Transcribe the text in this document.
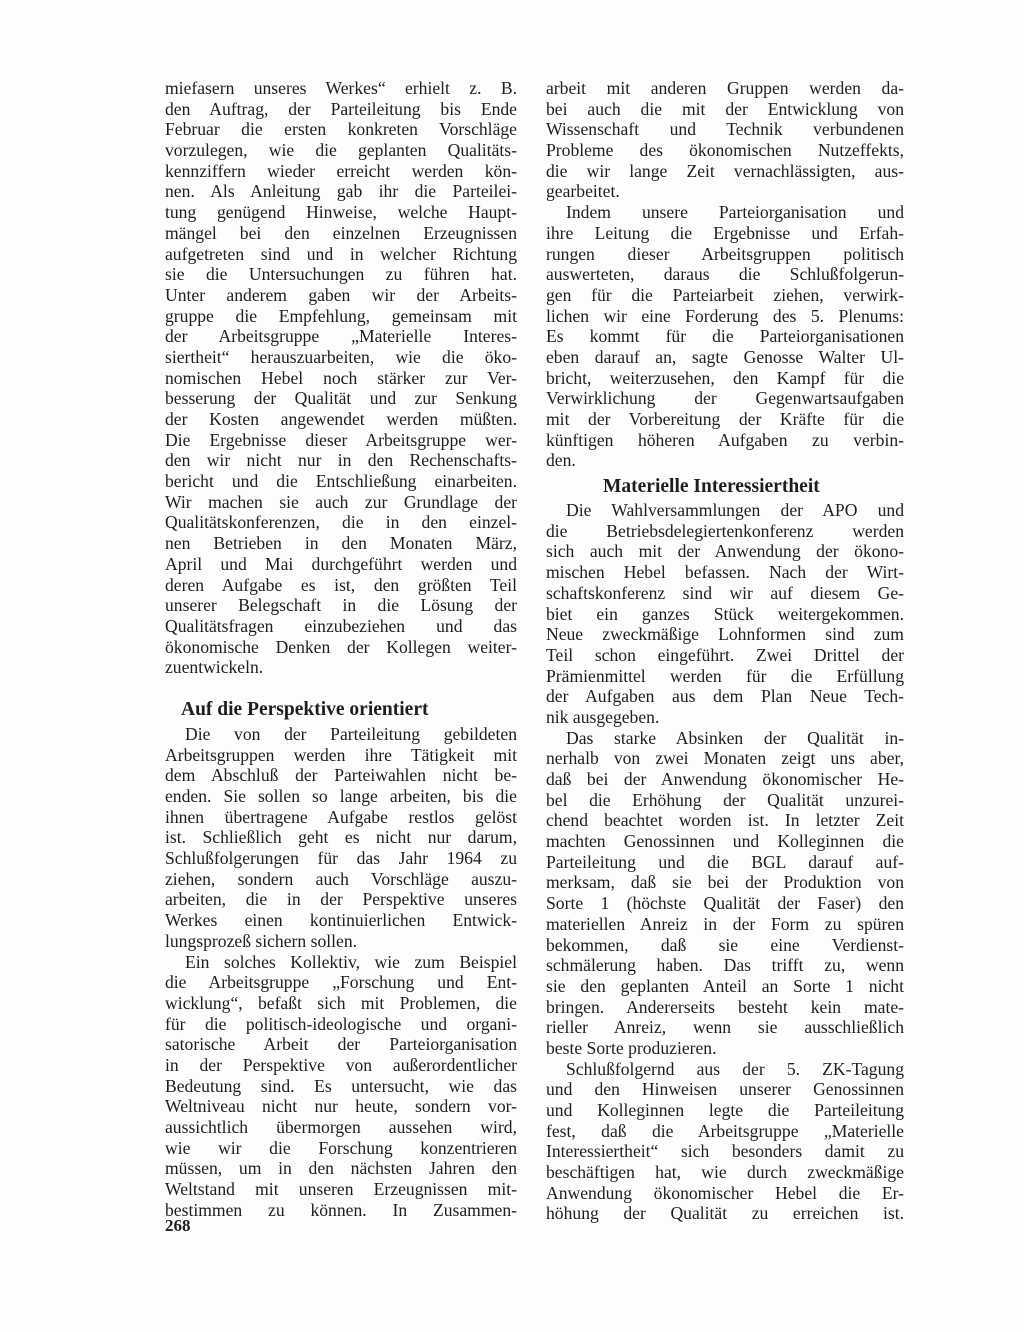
miefasern unseres Werkes“ erhielt z. B.
den Auftrag, der Parteileitung bis Ende
Februar die ersten konkreten Vorschläge
vorzulegen, wie die geplanten Qualitäts-
kennziffern wieder erreicht werden kön-
nen. Als Anleitung gab ihr die Parteilei-
tung genügend Hinweise, welche Haupt-
mängel bei den einzelnen Erzeugnissen
aufgetreten sind und in welcher Richtung
sie die Untersuchungen zu führen hat.
Unter anderem gaben wir der Arbeits-
gruppe die Empfehlung, gemeinsam mit
der Arbeitsgruppe „Materielle Interes-
siertheit“ herauszuarbeiten, wie die öko-
nomischen Hebel noch stärker zur Ver-
besserung der Qualität und zur Senkung
der Kosten angewendet werden müßten.
Die Ergebnisse dieser Arbeitsgruppe wer-
den wir nicht nur in den Rechenschafts-
bericht und die Entschließung einarbeiten.
Wir machen sie auch zur Grundlage der
Qualitätskonferenzen, die in den einzel-
nen Betrieben in den Monaten März,
April und Mai durchgeführt werden und
deren Aufgabe es ist, den größten Teil
unserer Belegschaft in die Lösung der
Qualitätsfragen einzubeziehen und das
ökonomische Denken der Kollegen weiter-
zuentwickeln.
Auf die Perspektive orientiert
Die von der Parteileitung gebildeten
Arbeitsgruppen werden ihre Tätigkeit mit
dem Abschluß der Parteiwahlen nicht be-
enden. Sie sollen so lange arbeiten, bis die
ihnen übertragene Aufgabe restlos gelöst
ist. Schließlich geht es nicht nur darum,
Schlußfolgerungen für das Jahr 1964 zu
ziehen, sondern auch Vorschläge auszu-
arbeiten, die in der Perspektive unseres
Werkes einen kontinuierlichen Entwick-
lungsprozeß sichern sollen.
Ein solches Kollektiv, wie zum Beispiel
die Arbeitsgruppe „Forschung und Ent-
wicklung“, befaßt sich mit Problemen, die
für die politisch-ideologische und organi-
satorische Arbeit der Parteiorganisation
in der Perspektive von außerordentlicher
Bedeutung sind. Es untersucht, wie das
Weltniveau nicht nur heute, sondern vor-
aussichtlich übermorgen aussehen wird,
wie wir die Forschung konzentrieren
müssen, um in den nächsten Jahren den
Weltstand mit unseren Erzeugnissen mit-
bestimmen zu können. In Zusammen-
arbeit mit anderen Gruppen werden da-
bei auch die mit der Entwicklung von
Wissenschaft und Technik verbundenen
Probleme des ökonomischen Nutzeffekts,
die wir lange Zeit vernachlässigten, aus-
gearbeitet.
Indem unsere Parteiorganisation und
ihre Leitung die Ergebnisse und Erfah-
rungen dieser Arbeitsgruppen politisch
auswerteten, daraus die Schlußfolgerun-
gen für die Parteiarbeit ziehen, verwirk-
lichen wir eine Forderung des 5. Plenums:
Es kommt für die Parteiorganisationen
eben darauf an, sagte Genosse Walter Ul-
bricht, weiterzusehen, den Kampf für die
Verwirklichung der Gegenwartsaufgaben
mit der Vorbereitung der Kräfte für die
künftigen höheren Aufgaben zu verbin-
den.
Materielle Interessiertheit
Die Wahlversammlungen der APO und
die Betriebsdelegiertenkonferenz werden
sich auch mit der Anwendung der ökono-
mischen Hebel befassen. Nach der Wirt-
schaftskonferenz sind wir auf diesem Ge-
biet ein ganzes Stück weitergekommen.
Neue zweckmäßige Lohnformen sind zum
Teil schon eingeführt. Zwei Drittel der
Prämienmittel werden für die Erfüllung
der Aufgaben aus dem Plan Neue Tech-
nik ausgegeben.
Das starke Absinken der Qualität in-
nerhalb von zwei Monaten zeigt uns aber,
daß bei der Anwendung ökonomischer He-
bel die Erhöhung der Qualität unzurei-
chend beachtet worden ist. In letzter Zeit
machten Genossinnen und Kolleginnen die
Parteileitung und die BGL darauf auf-
merksam, daß sie bei der Produktion von
Sorte 1 (höchste Qualität der Faser) den
materiellen Anreiz in der Form zu spüren
bekommen, daß sie eine Verdienst-
schmälerung haben. Das trifft zu, wenn
sie den geplanten Anteil an Sorte 1 nicht
bringen. Andererseits besteht kein mate-
rieller Anreiz, wenn sie ausschließlich
beste Sorte produzieren.
Schlußfolgernd aus der 5. ZK-Tagung
und den Hinweisen unserer Genossinnen
und Kolleginnen legte die Parteileitung
fest, daß die Arbeitsgruppe „Materielle
Interessiertheit“ sich besonders damit zu
beschäftigen hat, wie durch zweckmäßige
Anwendung ökonomischer Hebel die Er-
höhung der Qualität zu erreichen ist.
268
